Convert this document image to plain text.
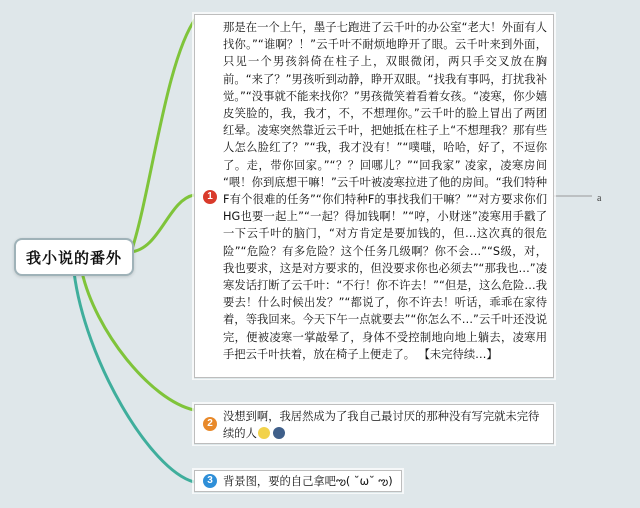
我小说的番外
那是在一个上午，墨子七跑进了云千叶的办公室“老大！外面有人找你。”“谁啊？！”云千叶不耐烦地睁开了眼。云千叶来到外面，只见一个男孩斜倚在柱子上，双眼微闭，两只手交叉放在胸前。“来了？”男孩听到动静，睁开双眼。“找我有事吗，打扰我补觉。”“没事就不能来找你？”男孩微笑着看着女孩。“凌寒，你少嬉皮笑脸的，我，我才，不，不想理你。”云千叶的脸上冒出了两团红晕。凌寒突然靠近云千叶，把她抵在柱子上“不想理我？那有些人怎么脸红了？”“我，我才没有！”“噗嗤，哈哈，好了，不逗你了。走，带你回家。”“？？回哪儿？”“回我家” 凌家，凌寒房间 “喂！你到底想干嘛！”云千叶被凌寒拉进了他的房间。“我们特种F有个很难的任务”“你们特种F的事找我们干嘛？”“对方要求你们HG也要一起上”“一起？得加钱啊！”“哼，小财迷”凌寒用手戳了一下云千叶的脑门，“对方肯定是要加钱的，但…这次真的很危险”“危险？有多危险？这个任务几级啊？你不会…”“S级，对，我也要求，这是对方要求的，但没要求你也必须去”“那我也…”凌寒发话打断了云千叶：“不行！你不许去！”“但是，这么危险…我要去！什么时候出发？”“都说了，你不许去！听话，乖乖在家待着，等我回来。今天下午一点就要去”“你怎么不…”云千叶还没说完，便被凌寒一掌敲晕了，身体不受控制地向地上躺去，凌寒用手把云千叶扶着，放在椅子上便走了。 【未完待续…】
1
没想到啊，我居然成为了我自己最讨厌的那种没有写完就未完待续的人
2
背景图，要的自己拿吧ఌ( ˘ω˘ ఌ)
3
a
